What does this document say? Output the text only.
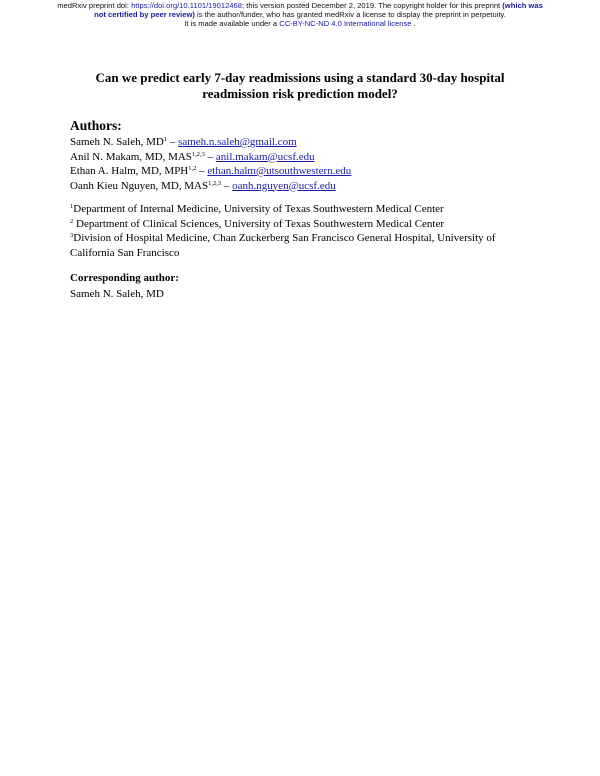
medRxiv preprint doi: https://doi.org/10.1101/19012468; this version posted December 2, 2019. The copyright holder for this preprint (which was
not certified by peer review) is the author/funder, who has granted medRxiv a license to display the preprint in perpetuity.
It is made available under a CC-BY-NC-ND 4.0 International license .
Can we predict early 7-day readmissions using a standard 30-day hospital
readmission risk prediction model?
Authors:
Sameh N. Saleh, $MD^1$ – sameh.n.saleh@gmail.com
Anil N. Makam, MD, MAS$^{1,2,3}$ – anil.makam@ucsf.edu
Ethan A. Halm, MD, MPH$^{1,2}$ – ethan.halm@utsouthwestern.edu
Oanh Kieu Nguyen, MD, MAS$^{1,2,3}$ – oanh.nguyen@ucsf.edu
$^1$Department of Internal Medicine, University of Texas Southwestern Medical Center
$^2$ Department of Clinical Sciences, University of Texas Southwestern Medical Center
$^3$Division of Hospital Medicine, Chan Zuckerberg San Francisco General Hospital, University of California San Francisco
Corresponding author:
Sameh N. Saleh, MD
